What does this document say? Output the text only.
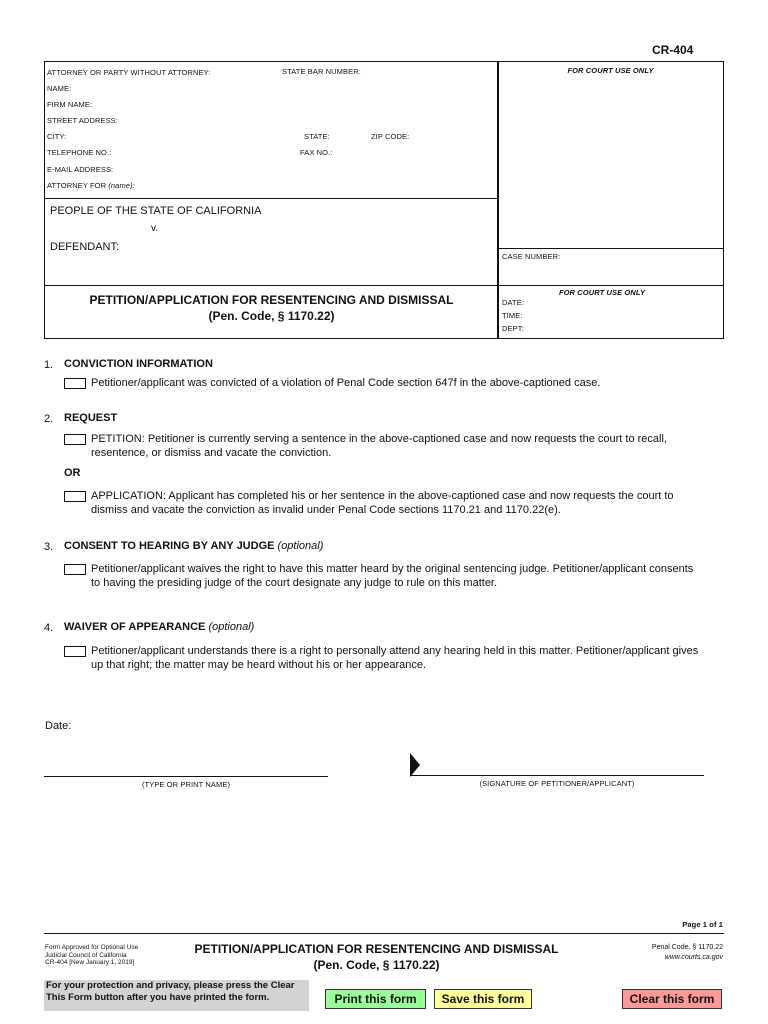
CR-404
ATTORNEY OR PARTY WITHOUT ATTORNEY:	STATE BAR NUMBER:
NAME:
FIRM NAME:
STREET ADDRESS:
CITY:	STATE:	ZIP CODE:
TELEPHONE NO.:	FAX NO.:
E-MAIL ADDRESS:
ATTORNEY FOR (name):
FOR COURT USE ONLY
CASE NUMBER:
FOR COURT USE ONLY
DATE:
TIME:
DEPT:
PEOPLE OF THE STATE OF CALIFORNIA
v.
DEFENDANT:
PETITION/APPLICATION FOR RESENTENCING AND DISMISSAL
(Pen. Code, § 1170.22)
1. CONVICTION INFORMATION
Petitioner/applicant was convicted of a violation of Penal Code section 647f in the above-captioned case.
2. REQUEST
PETITION: Petitioner is currently serving a sentence in the above-captioned case and now requests the court to recall,
resentence, or dismiss and vacate the conviction.
OR
APPLICATION: Applicant has completed his or her sentence in the above-captioned case and now requests the court to
dismiss and vacate the conviction as invalid under Penal Code sections 1170.21 and 1170.22(e).
3. CONSENT TO HEARING BY ANY JUDGE (optional)
Petitioner/applicant waives the right to have this matter heard by the original sentencing judge. Petitioner/applicant consents
to having the presiding judge of the court designate any judge to rule on this matter.
4. WAIVER OF APPEARANCE (optional)
Petitioner/applicant understands there is a right to personally attend any hearing held in this matter. Petitioner/applicant gives
up that right; the matter may be heard without his or her appearance.
Date:
(TYPE OR PRINT NAME)	(SIGNATURE OF PETITIONER/APPLICANT)
Page 1 of 1
Form Approved for Optional Use
Judicial Council of California
CR-404 [New January 1, 2019]
PETITION/APPLICATION FOR RESENTENCING AND DISMISSAL
(Pen. Code, § 1170.22)
Penal Code, § 1170.22
www.courts.ca.gov
For your protection and privacy, please press the Clear
This Form button after you have printed the form.	Print this form	Save this form	Clear this form
